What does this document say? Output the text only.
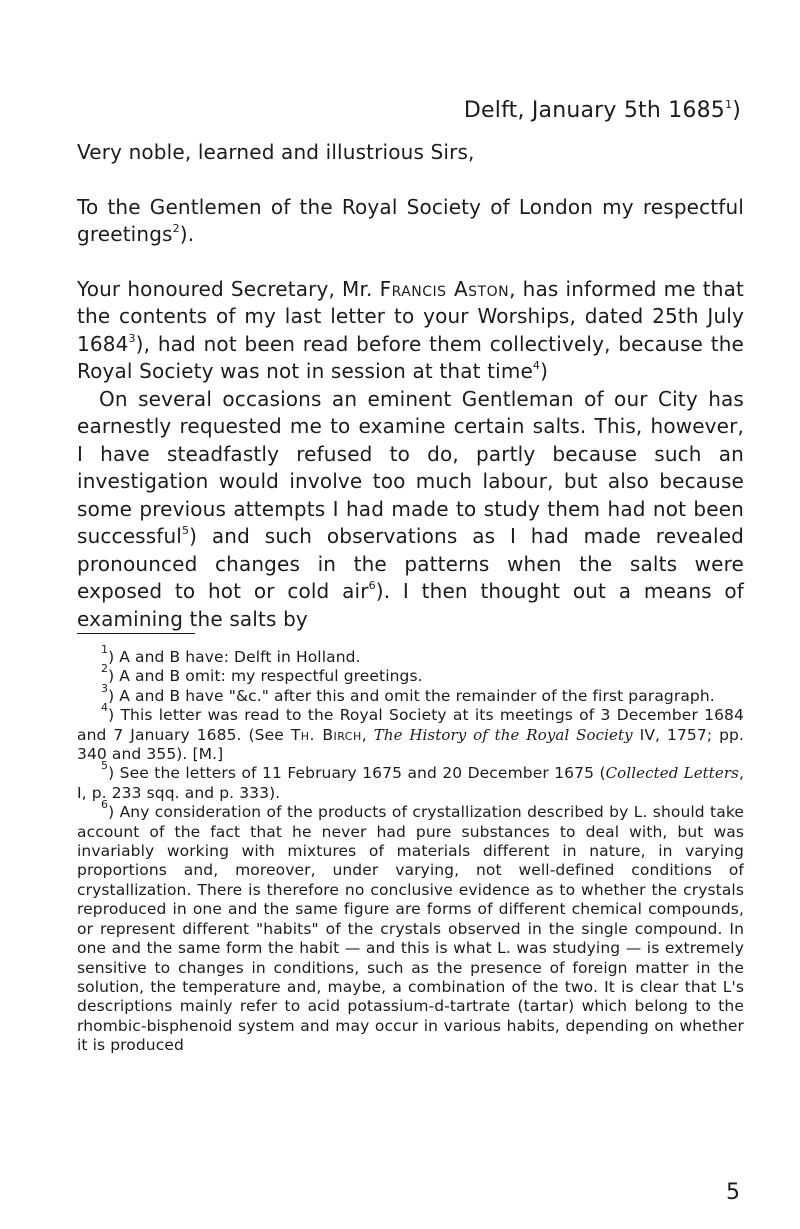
Delft, January 5th 1685$^1$)

Very noble, learned and illustrious Sirs,

To the Gentlemen of the Royal Society of London my respectful greetings$^2$).

Your honoured Secretary, Mr. Francis Aston, has informed me that the contents of my last letter to your Worships, dated 25th July 1684$^3$), had not been read before them collectively, because the Royal Society was not in session at that time$^4$)

On several occasions an eminent Gentleman of our City has earnestly requested me to examine certain salts. This, however, I have steadfastly refused to do, partly because such an investigation would involve too much labour, but also because some previous attempts I had made to study them had not been successful$^5$) and such observations as I had made revealed pronounced changes in the patterns when the salts were exposed to hot or cold air$^6$). I then thought out a means of examining the salts by

$^1$) A and B have: Delft in Holland.

$^2$) A and B omit: my respectful greetings.

$^3$) A and B have "&c." after this and omit the remainder of the first paragraph.

$^4$) This letter was read to the Royal Society at its meetings of 3 December 1684 and 7 January 1685. (See Th. Birch, The History of the Royal Society IV, 1757; pp. 340 and 355). [M.]

$^5$) See the letters of 11 February 1675 and 20 December 1675 (Collected Letters, I, p. 233 sqq. and p. 333).

$^6$) Any consideration of the products of crystallization described by L. should take account of the fact that he never had pure substances to deal with, but was invariably working with mixtures of materials different in nature, in varying proportions and, moreover, under varying, not well-defined conditions of crystallization. There is therefore no conclusive evidence as to whether the crystals reproduced in one and the same figure are forms of different chemical compounds, or represent different "habits" of the crystals observed in the single compound. In one and the same form the habit — and this is what L. was studying — is extremely sensitive to changes in conditions, such as the presence of foreign matter in the solution, the temperature and, maybe, a combination of the two. It is clear that L's descriptions mainly refer to acid potassium-d-tartrate (tartar) which belong to the rhombic-bisphenoid system and may occur in various habits, depending on whether it is produced

5
